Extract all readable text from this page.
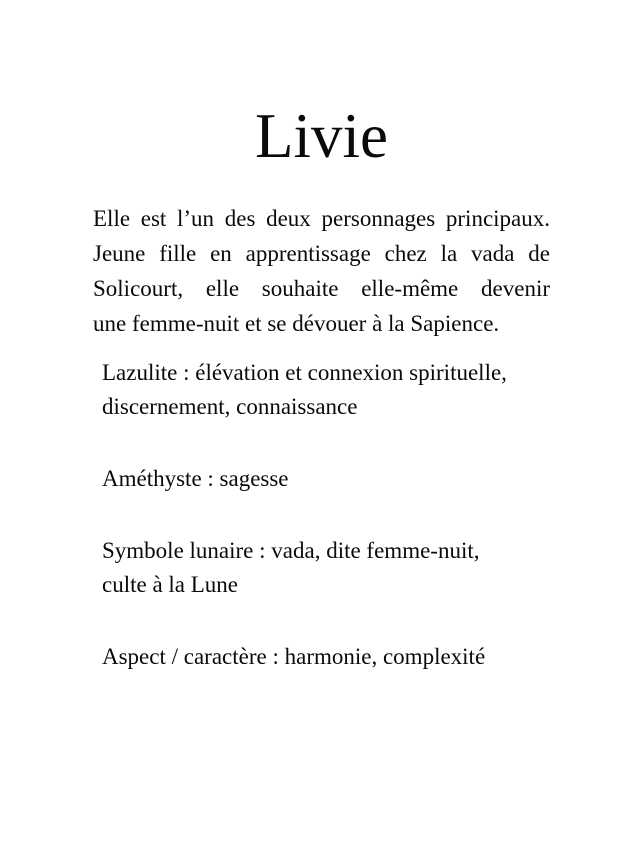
Livie
Elle est l’un des deux personnages principaux.
Jeune fille en apprentissage chez la vada de
Solicourt, elle souhaite elle-même devenir
une femme-nuit et se dévouer à la Sapience.
Lazulite : élévation et connexion spirituelle,
discernement, connaissance
Améthyste : sagesse
Symbole lunaire : vada, dite femme-nuit,
culte à la Lune
Aspect / caractère : harmonie, complexité
